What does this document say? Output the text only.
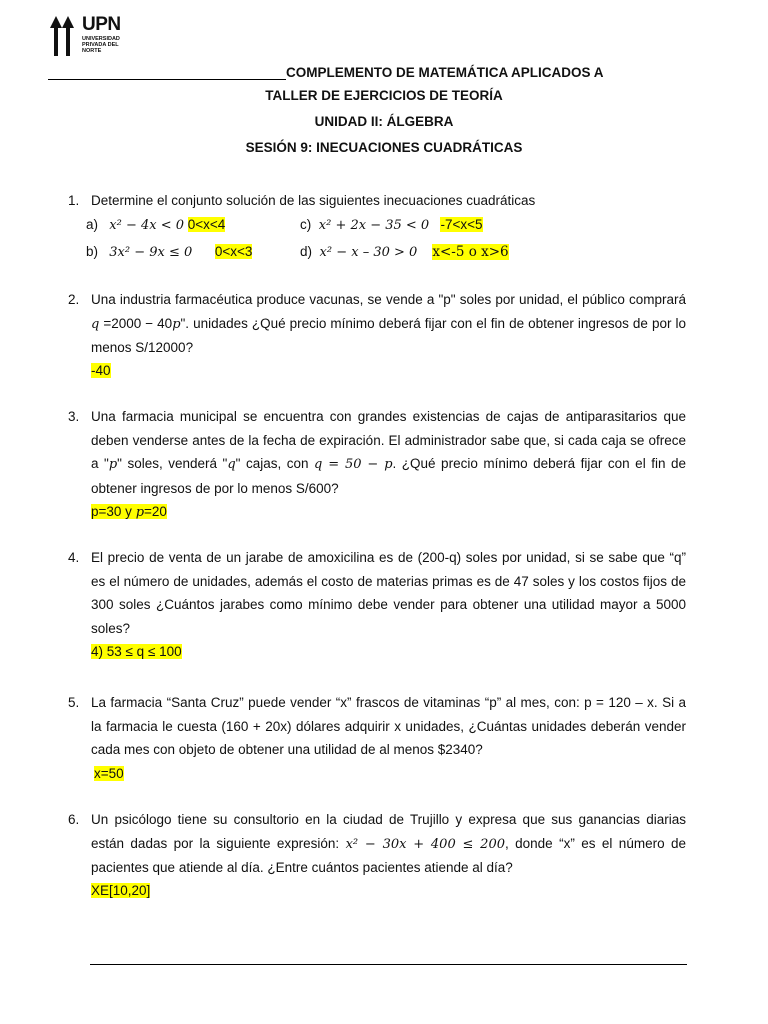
UPN
UNIVERSIDAD PRIVADA DEL NORTE
COMPLEMENTO DE MATEMÁTICA APLICADOS A
TALLER DE EJERCICIOS DE TEORÍA
UNIDAD II: ÁLGEBRA
SESIÓN 9: INECUACIONES CUADRÁTICAS
1. Determine el conjunto solución de las siguientes inecuaciones cuadráticas
a) x² − 4x < 0 0<x<4	c) x² + 2x − 35 < 0 -7<x<5
b) 3x² − 9x ≤ 0 0<x<3	d) x² − x – 30 > 0 x<-5 o x>6
2. Una industria farmacéutica produce vacunas, se vende a "p" soles por unidad, el público comprará q =2000 − 40p". unidades ¿Qué precio mínimo deberá fijar con el fin de obtener ingresos de por lo menos S/12000?
-40
3. Una farmacia municipal se encuentra con grandes existencias de cajas de antiparasitarios que deben venderse antes de la fecha de expiración. El administrador sabe que, si cada caja se ofrece a "p" soles, venderá "q" cajas, con q = 50 − p. ¿Qué precio mínimo deberá fijar con el fin de obtener ingresos de por lo menos S/600?
p=30 y p=20
4. El precio de venta de un jarabe de amoxicilina es de (200-q) soles por unidad, si se sabe que “q” es el número de unidades, además el costo de materias primas es de 47 soles y los costos fijos de 300 soles ¿Cuántos jarabes como mínimo debe vender para obtener una utilidad mayor a 5000 soles?
4) 53 ≤ q ≤ 100
5. La farmacia “Santa Cruz” puede vender “x” frascos de vitaminas “p” al mes, con: p = 120 – x. Si a la farmacia le cuesta (160 + 20x) dólares adquirir x unidades, ¿Cuántas unidades deberán vender cada mes con objeto de obtener una utilidad de al menos $2340?
x=50
6. Un psicólogo tiene su consultorio en la ciudad de Trujillo y expresa que sus ganancias diarias están dadas por la siguiente expresión: x² − 30x + 400 ≤ 200, donde “x” es el número de pacientes que atiende al día. ¿Entre cuántos pacientes atiende al día?
XE[10,20]
